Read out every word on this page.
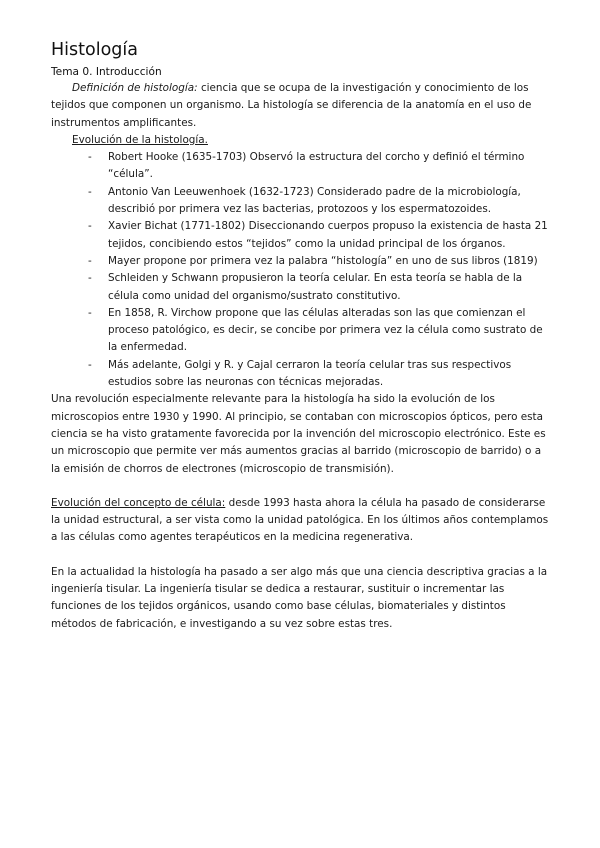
Histología

Tema 0. Introducción

Definición de histología: ciencia que se ocupa de la investigación y conocimiento de los tejidos que componen un organismo. La histología se diferencia de la anatomía en el uso de instrumentos amplificantes.

Evolución de la histología.

- Robert Hooke (1635-1703) Observó la estructura del corcho y definió el término “célula”.
- Antonio Van Leeuwenhoek (1632-1723) Considerado padre de la microbiología, describió por primera vez las bacterias, protozoos y los espermatozoides.
- Xavier Bichat (1771-1802) Diseccionando cuerpos propuso la existencia de hasta 21 tejidos, concibiendo estos “tejidos” como la unidad principal de los órganos.
- Mayer propone por primera vez la palabra “histología” en uno de sus libros (1819)
- Schleiden y Schwann propusieron la teoría celular. En esta teoría se habla de la célula como unidad del organismo/sustrato constitutivo.
- En 1858, R. Virchow propone que las células alteradas son las que comienzan el proceso patológico, es decir, se concibe por primera vez la célula como sustrato de la enfermedad.
- Más adelante, Golgi y R. y Cajal cerraron la teoría celular tras sus respectivos estudios sobre las neuronas con técnicas mejoradas.

Una revolución especialmente relevante para la histología ha sido la evolución de los microscopios entre 1930 y 1990. Al principio, se contaban con microscopios ópticos, pero esta ciencia se ha visto gratamente favorecida por la invención del microscopio electrónico. Este es un microscopio que permite ver más aumentos gracias al barrido (microscopio de barrido) o a la emisión de chorros de electrones (microscopio de transmisión).

Evolución del concepto de célula: desde 1993 hasta ahora la célula ha pasado de considerarse la unidad estructural, a ser vista como la unidad patológica. En los últimos años contemplamos a las células como agentes terapéuticos en la medicina regenerativa.

En la actualidad la histología ha pasado a ser algo más que una ciencia descriptiva gracias a la ingeniería tisular. La ingeniería tisular se dedica a restaurar, sustituir o incrementar las funciones de los tejidos orgánicos, usando como base células, biomateriales y distintos métodos de fabricación, e investigando a su vez sobre estas tres.
